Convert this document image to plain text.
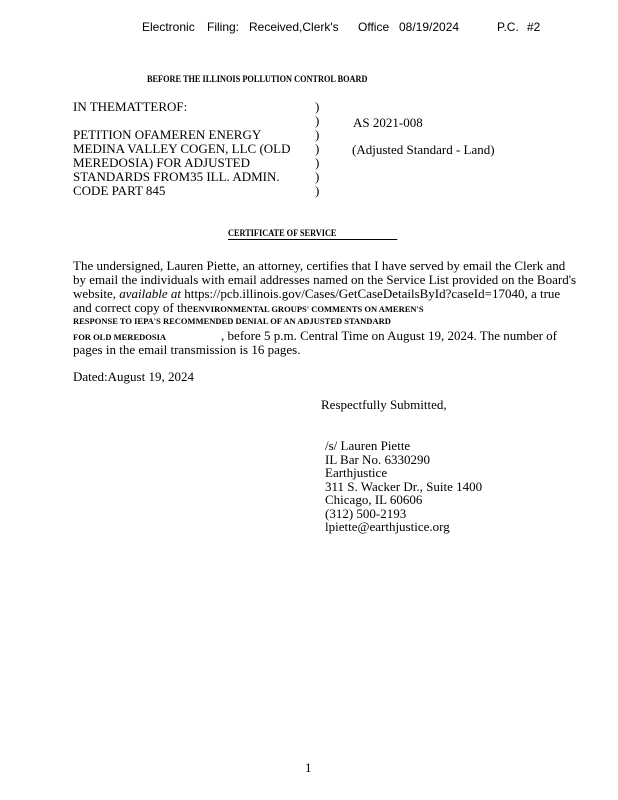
Electronic Filing: Received,Clerk's Office 08/19/2024	P.C. #2
BEFORE THE ILLINOIS POLLUTION CONTROL BOARD
IN THEMATTEROF:
PETITION OFAMEREN ENERGY
MEDINA VALLEY COGEN, LLC (OLD
MEREDOSIA) FOR ADJUSTED
STANDARDS FROM35 ILL. ADMIN.
CODE PART 845
)
)
)
)
)
)
)
AS 2021-008
(Adjusted Standard - Land)
CERTIFICATE OF SERVICE
The undersigned, Lauren Piette, an attorney, certifies that I have served by email the Clerk and
by email the individuals with email addresses named on the Service List provided on the Board's
website, available at https://pcb.illinois.gov/Cases/GetCaseDetailsById?caseId=17040, a true
and correct copy of theENVIRONMENTAL GROUPS' COMMENTS ON AMEREN'S
RESPONSE TO IEPA'S RECOMMENDED DENIAL OF AN ADJUSTED STANDARD
FOR OLD MEREDOSIA	, before 5 p.m. Central Time on August 19, 2024. The number of
pages in the email transmission is 16 pages.
Dated:August 19, 2024
Respectfully Submitted,
/s/ Lauren Piette
IL Bar No. 6330290
Earthjustice
311 S. Wacker Dr., Suite 1400
Chicago, IL 60606
(312) 500-2193
lpiette@earthjustice.org
1
